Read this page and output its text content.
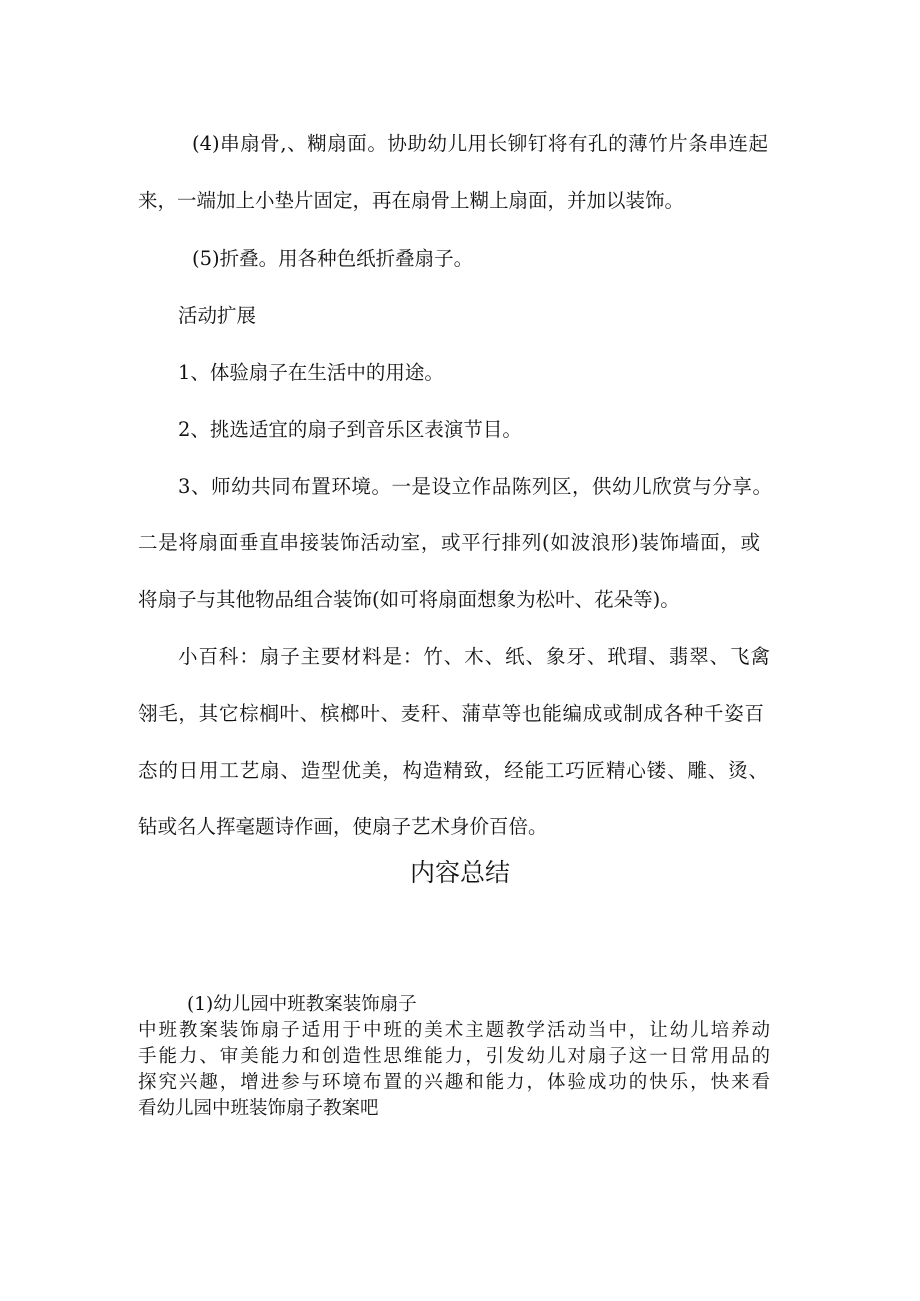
(4)串扇骨,、糊扇面。协助幼儿用长铆钉将有孔的薄竹片条串连起

来，一端加上小垫片固定，再在扇骨上糊上扇面，并加以装饰。

(5)折叠。用各种色纸折叠扇子。

活动扩展

1、体验扇子在生活中的用途。

2、挑选适宜的扇子到音乐区表演节目。

3、师幼共同布置环境。一是设立作品陈列区，供幼儿欣赏与分享。

二是将扇面垂直串接装饰活动室，或平行排列(如波浪形)装饰墙面，或

将扇子与其他物品组合装饰(如可将扇面想象为松叶、花朵等)。

小百科：扇子主要材料是：竹、木、纸、象牙、玳瑁、翡翠、飞禽

翎毛，其它棕榈叶、槟榔叶、麦秆、蒲草等也能编成或制成各种千姿百

态的日用工艺扇、造型优美，构造精致，经能工巧匠精心镂、雕、烫、

钻或名人挥毫题诗作画，使扇子艺术身价百倍。

内容总结

(1)幼儿园中班教案装饰扇子

中班教案装饰扇子适用于中班的美术主题教学活动当中，让幼儿培养动

手能力、审美能力和创造性思维能力，引发幼儿对扇子这一日常用品的

探究兴趣，增进参与环境布置的兴趣和能力，体验成功的快乐，快来看

看幼儿园中班装饰扇子教案吧
